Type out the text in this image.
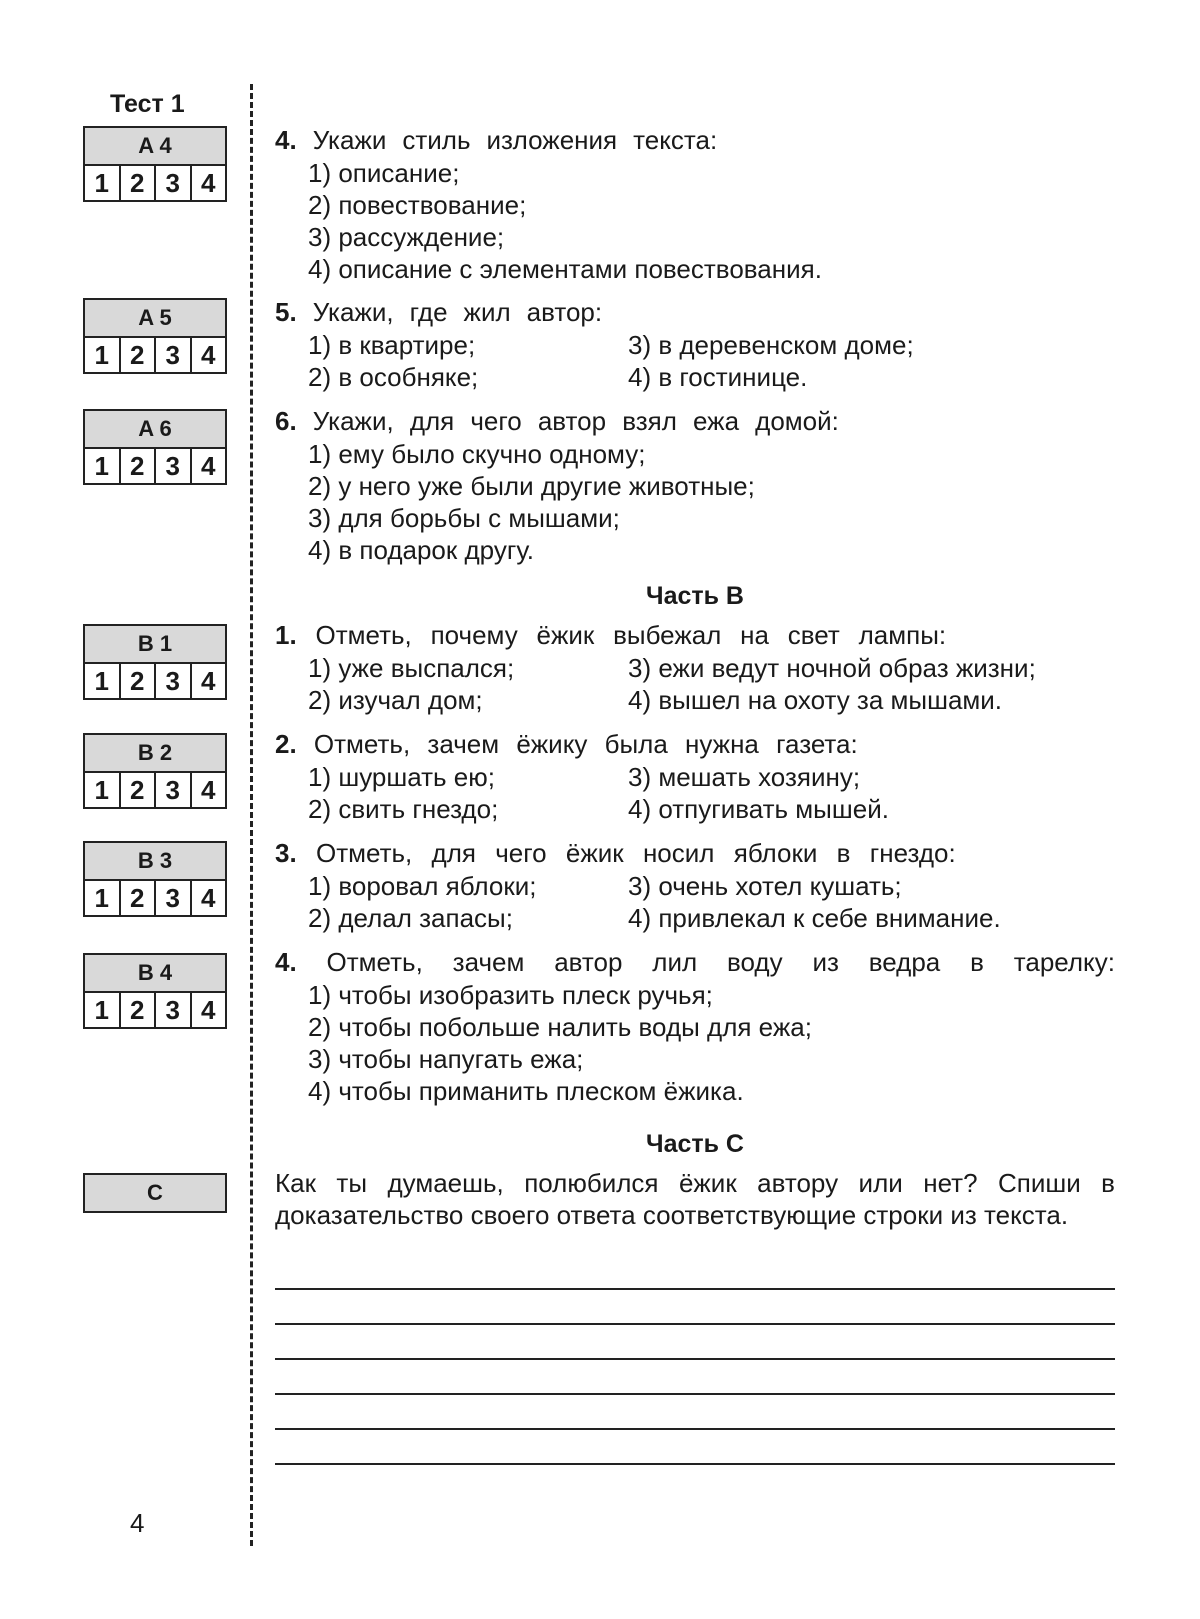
Тест 1
A 4
1 2 3 4
A 5
1 2 3 4
A 6
1 2 3 4
B 1
1 2 3 4
B 2
1 2 3 4
B 3
1 2 3 4
B 4
1 2 3 4
C
4. Укажи стиль изложения текста:
1) описание;
2) повествование;
3) рассуждение;
4) описание с элементами повествования.
5. Укажи, где жил автор:
1) в квартире;	3) в деревенском доме;
2) в особняке;	4) в гостинице.
6. Укажи, для чего автор взял ежа домой:
1) ему было скучно одному;
2) у него уже были другие животные;
3) для борьбы с мышами;
4) в подарок другу.
Часть В
1. Отметь, почему ёжик выбежал на свет лампы:
1) уже выспался;	3) ежи ведут ночной образ жизни;
2) изучал дом;	4) вышел на охоту за мышами.
2. Отметь, зачем ёжику была нужна газета:
1) шуршать ею;	3) мешать хозяину;
2) свить гнездо;	4) отпугивать мышей.
3. Отметь, для чего ёжик носил яблоки в гнездо:
1) воровал яблоки;	3) очень хотел кушать;
2) делал запасы;	4) привлекал к себе внимание.
4. Отметь, зачем автор лил воду из ведра в тарелку:
1) чтобы изобразить плеск ручья;
2) чтобы побольше налить воды для ежа;
3) чтобы напугать ежа;
4) чтобы приманить плеском ёжика.
Часть С
Как ты думаешь, полюбился ёжик автору или нет? Спиши в доказательство своего ответа соответствующие строки из текста.
4
